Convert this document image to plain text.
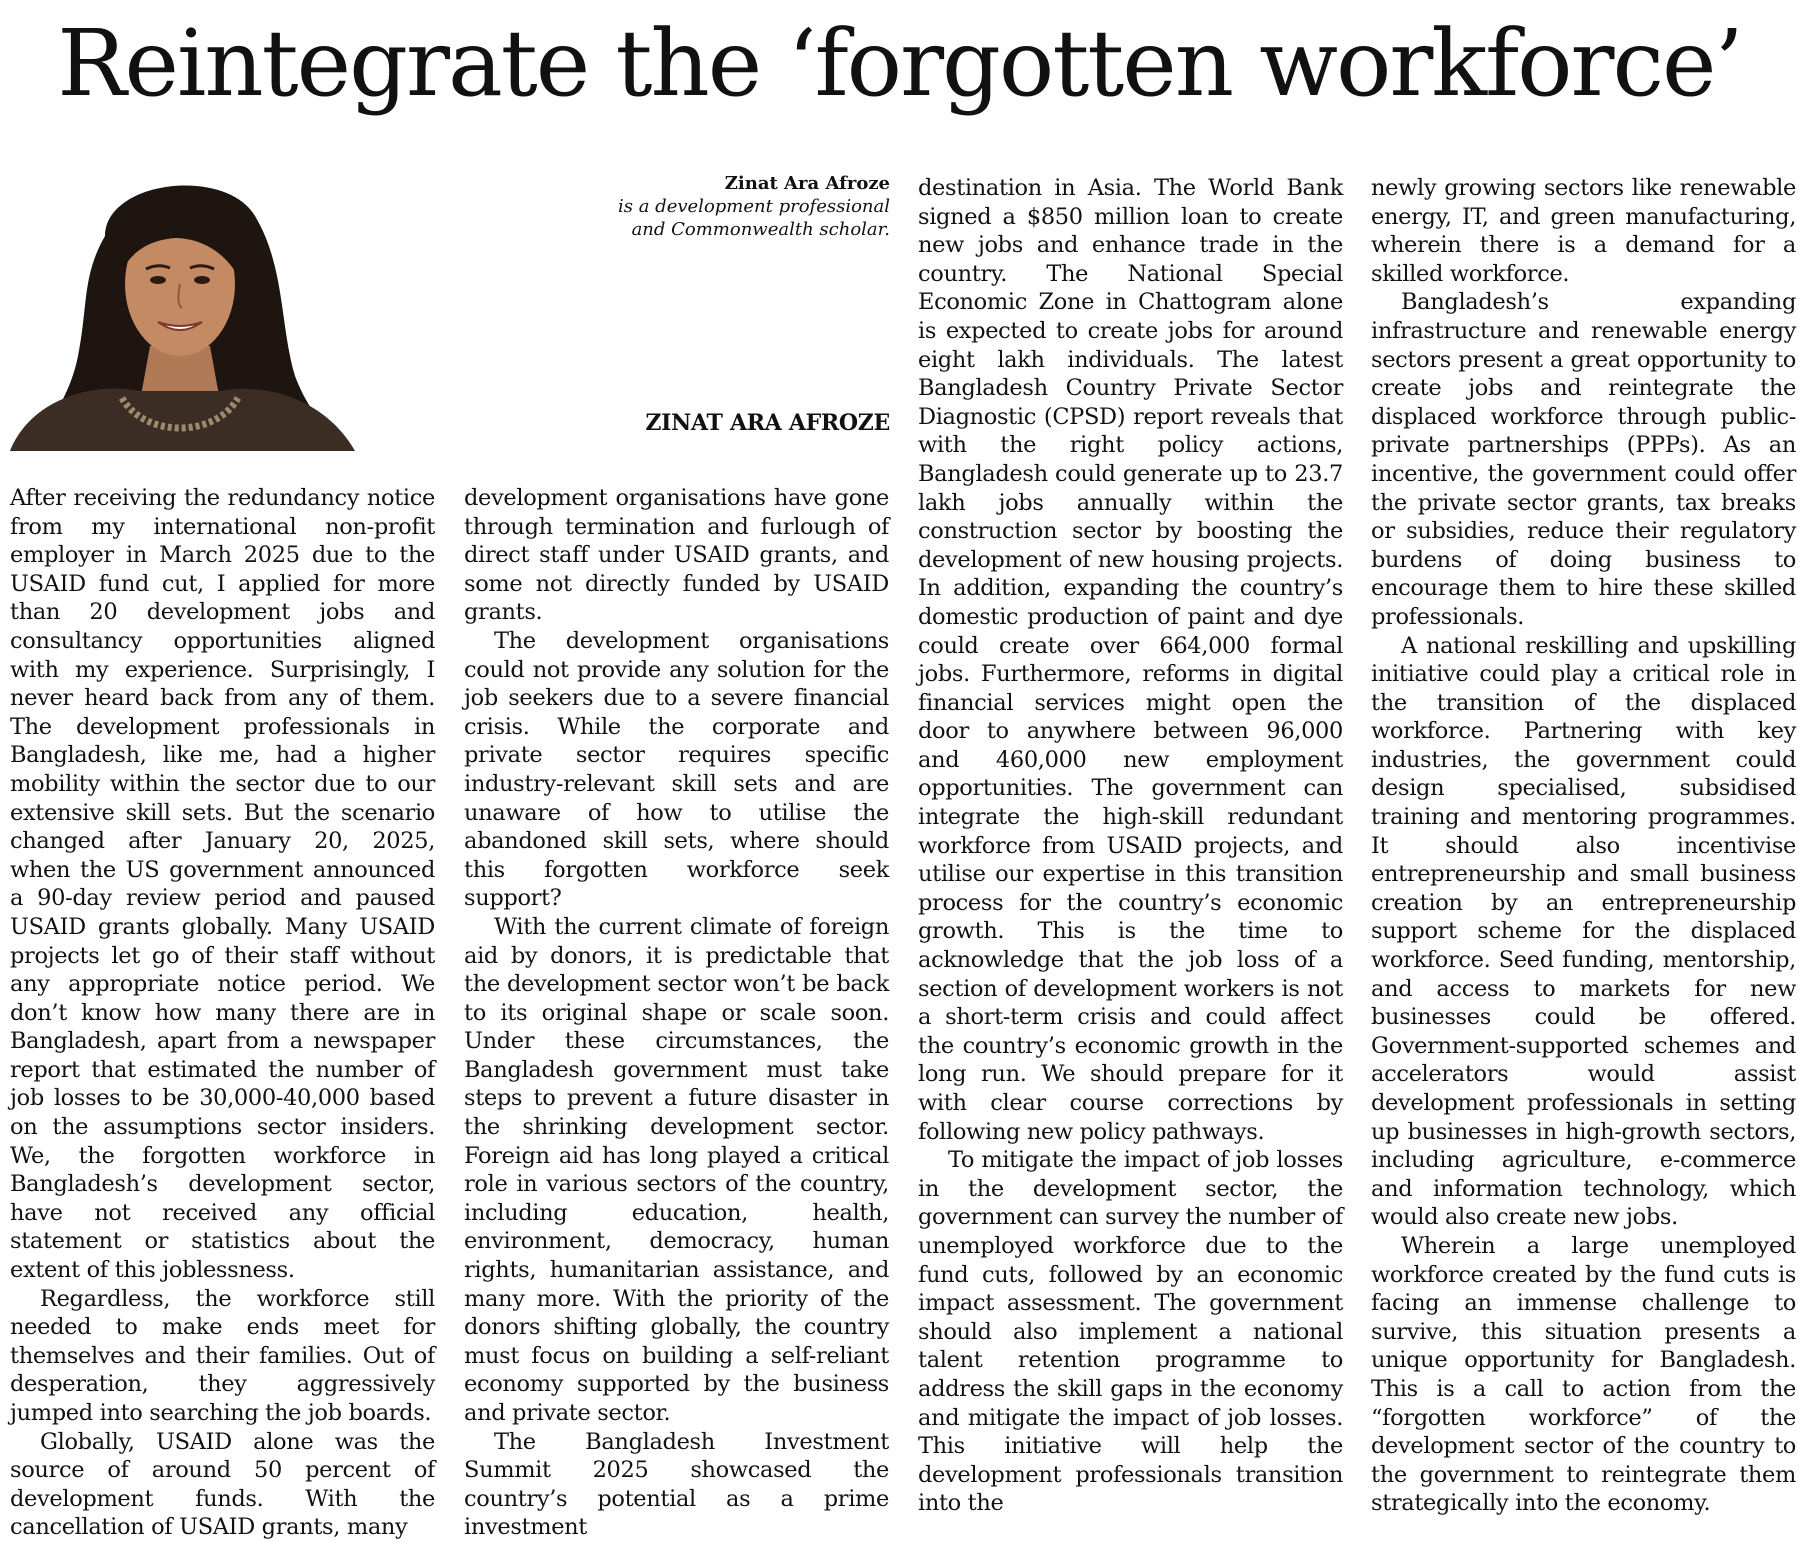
Reintegrate the ‘forgotten workforce’
Zinat Ara Afroze
is a development professional
and Commonwealth scholar.
ZINAT ARA AFROZE

After receiving the redundancy notice from my international non-profit employer in March 2025 due to the USAID fund cut, I applied for more than 20 development jobs and consultancy opportunities aligned with my experience. Surprisingly, I never heard back from any of them. The development professionals in Bangladesh, like me, had a higher mobility within the sector due to our extensive skill sets. But the scenario changed after January 20, 2025, when the US government announced a 90-day review period and paused USAID grants globally. Many USAID projects let go of their staff without any appropriate notice period. We don’t know how many there are in Bangladesh, apart from a newspaper report that estimated the number of job losses to be 30,000-40,000 based on the assumptions sector insiders. We, the forgotten workforce in Bangladesh’s development sector, have not received any official statement or statistics about the extent of this joblessness.

Regardless, the workforce still needed to make ends meet for themselves and their families. Out of desperation, they aggressively jumped into searching the job boards.

Globally, USAID alone was the source of around 50 percent of development funds. With the cancellation of USAID grants, many

development organisations have gone through termination and furlough of direct staff under USAID grants, and some not directly funded by USAID grants.

The development organisations could not provide any solution for the job seekers due to a severe financial crisis. While the corporate and private sector requires specific industry-relevant skill sets and are unaware of how to utilise the abandoned skill sets, where should this forgotten workforce seek support?

With the current climate of foreign aid by donors, it is predictable that the development sector won’t be back to its original shape or scale soon. Under these circumstances, the Bangladesh government must take steps to prevent a future disaster in the shrinking development sector. Foreign aid has long played a critical role in various sectors of the country, including education, health, environment, democracy, human rights, humanitarian assistance, and many more. With the priority of the donors shifting globally, the country must focus on building a self-reliant economy supported by the business and private sector.

The Bangladesh Investment Summit 2025 showcased the country’s potential as a prime investment

destination in Asia. The World Bank signed a $850 million loan to create new jobs and enhance trade in the country. The National Special Economic Zone in Chattogram alone is expected to create jobs for around eight lakh individuals. The latest Bangladesh Country Private Sector Diagnostic (CPSD) report reveals that with the right policy actions, Bangladesh could generate up to 23.7 lakh jobs annually within the construction sector by boosting the development of new housing projects. In addition, expanding the country’s domestic production of paint and dye could create over 664,000 formal jobs. Furthermore, reforms in digital financial services might open the door to anywhere between 96,000 and 460,000 new employment opportunities. The government can integrate the high-skill redundant workforce from USAID projects, and utilise our expertise in this transition process for the country’s economic growth. This is the time to acknowledge that the job loss of a section of development workers is not a short-term crisis and could affect the country’s economic growth in the long run. We should prepare for it with clear course corrections by following new policy pathways.

To mitigate the impact of job losses in the development sector, the government can survey the number of unemployed workforce due to the fund cuts, followed by an economic impact assessment. The government should also implement a national talent retention programme to address the skill gaps in the economy and mitigate the impact of job losses. This initiative will help the development professionals transition into the

newly growing sectors like renewable energy, IT, and green manufacturing, wherein there is a demand for a skilled workforce.

Bangladesh’s expanding infrastructure and renewable energy sectors present a great opportunity to create jobs and reintegrate the displaced workforce through public-private partnerships (PPPs). As an incentive, the government could offer the private sector grants, tax breaks or subsidies, reduce their regulatory burdens of doing business to encourage them to hire these skilled professionals.

A national reskilling and upskilling initiative could play a critical role in the transition of the displaced workforce. Partnering with key industries, the government could design specialised, subsidised training and mentoring programmes. It should also incentivise entrepreneurship and small business creation by an entrepreneurship support scheme for the displaced workforce. Seed funding, mentorship, and access to markets for new businesses could be offered. Government-supported schemes and accelerators would assist development professionals in setting up businesses in high-growth sectors, including agriculture, e-commerce and information technology, which would also create new jobs.

Wherein a large unemployed workforce created by the fund cuts is facing an immense challenge to survive, this situation presents a unique opportunity for Bangladesh. This is a call to action from the “forgotten workforce” of the development sector of the country to the government to reintegrate them strategically into the economy.
